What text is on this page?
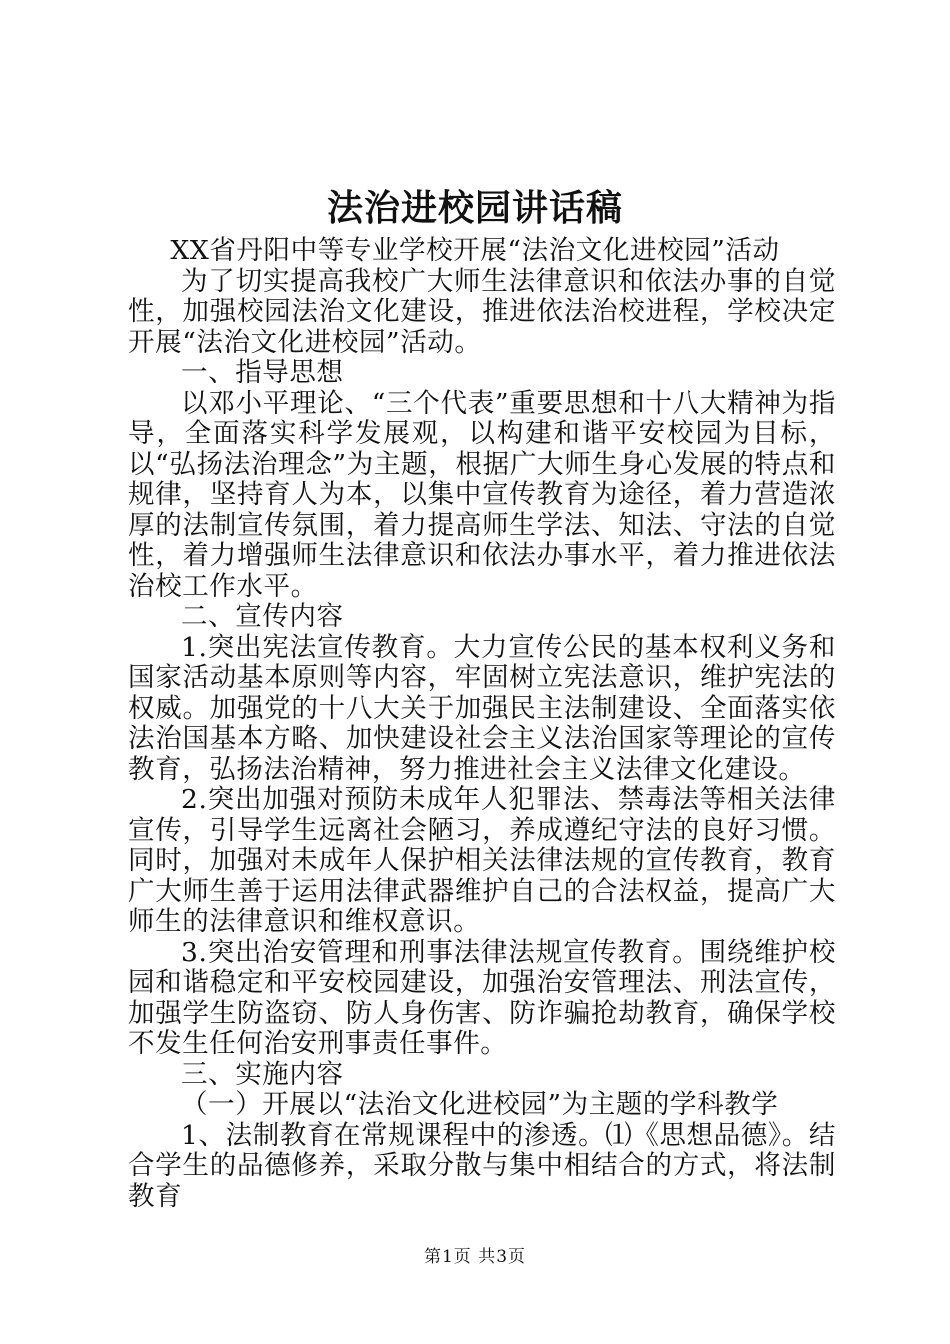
法治进校园讲话稿

XX省丹阳中等专业学校开展“法治文化进校园”活动

为了切实提高我校广大师生法律意识和依法办事的自觉性，加强校园法治文化建设，推进依法治校进程，学校决定开展“法治文化进校园”活动。

一、指导思想

以邓小平理论、“三个代表”重要思想和十八大精神为指导，全面落实科学发展观，以构建和谐平安校园为目标，以“弘扬法治理念”为主题，根据广大师生身心发展的特点和规律，坚持育人为本，以集中宣传教育为途径，着力营造浓厚的法制宣传氛围，着力提高师生学法、知法、守法的自觉性，着力增强师生法律意识和依法办事水平，着力推进依法治校工作水平。

二、宣传内容

1.突出宪法宣传教育。大力宣传公民的基本权利义务和国家活动基本原则等内容，牢固树立宪法意识，维护宪法的权威。加强党的十八大关于加强民主法制建设、全面落实依法治国基本方略、加快建设社会主义法治国家等理论的宣传教育，弘扬法治精神，努力推进社会主义法律文化建设。

2.突出加强对预防未成年人犯罪法、禁毒法等相关法律宣传，引导学生远离社会陋习，养成遵纪守法的良好习惯。同时，加强对未成年人保护相关法律法规的宣传教育，教育广大师生善于运用法律武器维护自己的合法权益，提高广大师生的法律意识和维权意识。

3.突出治安管理和刑事法律法规宣传教育。围绕维护校园和谐稳定和平安校园建设，加强治安管理法、刑法宣传，加强学生防盗窃、防人身伤害、防诈骗抢劫教育，确保学校不发生任何治安刑事责任事件。

三、实施内容

（一）开展以“法治文化进校园”为主题的学科教学

1、法制教育在常规课程中的渗透。⑴《思想品德》。结合学生的品德修养，采取分散与集中相结合的方式，将法制教育

第1页 共3页
